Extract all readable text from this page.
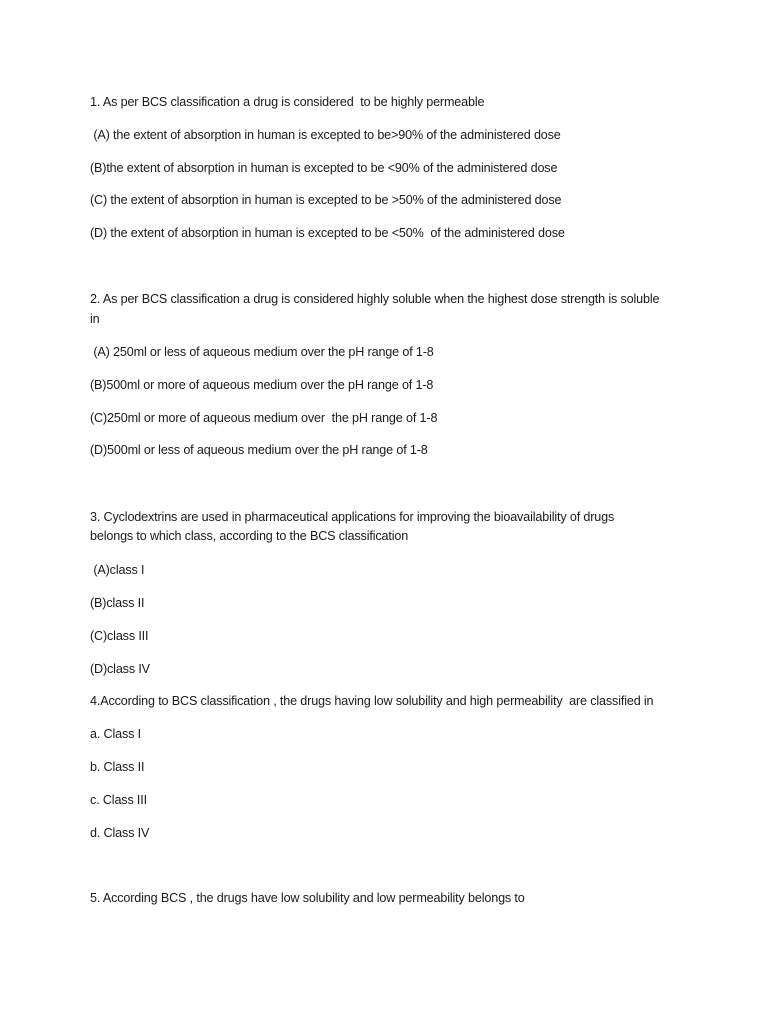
1. As per BCS classification a drug is considered  to be highly permeable
(A) the extent of absorption in human is excepted to be>90% of the administered dose
(B)the extent of absorption in human is excepted to be <90% of the administered dose
(C) the extent of absorption in human is excepted to be >50% of the administered dose
(D) the extent of absorption in human is excepted to be <50%  of the administered dose
2. As per BCS classification a drug is considered highly soluble when the highest dose strength is soluble
in
(A) 250ml or less of aqueous medium over the pH range of 1-8
(B)500ml or more of aqueous medium over the pH range of 1-8
(C)250ml or more of aqueous medium over  the pH range of 1-8
(D)500ml or less of aqueous medium over the pH range of 1-8
3. Cyclodextrins are used in pharmaceutical applications for improving the bioavailability of drugs
belongs to which class, according to the BCS classification
(A)class I
(B)class II
(C)class III
(D)class IV
4.According to BCS classification , the drugs having low solubility and high permeability  are classified in
a. Class I
b. Class II
c. Class III
d. Class IV
5. According BCS , the drugs have low solubility and low permeability belongs to
